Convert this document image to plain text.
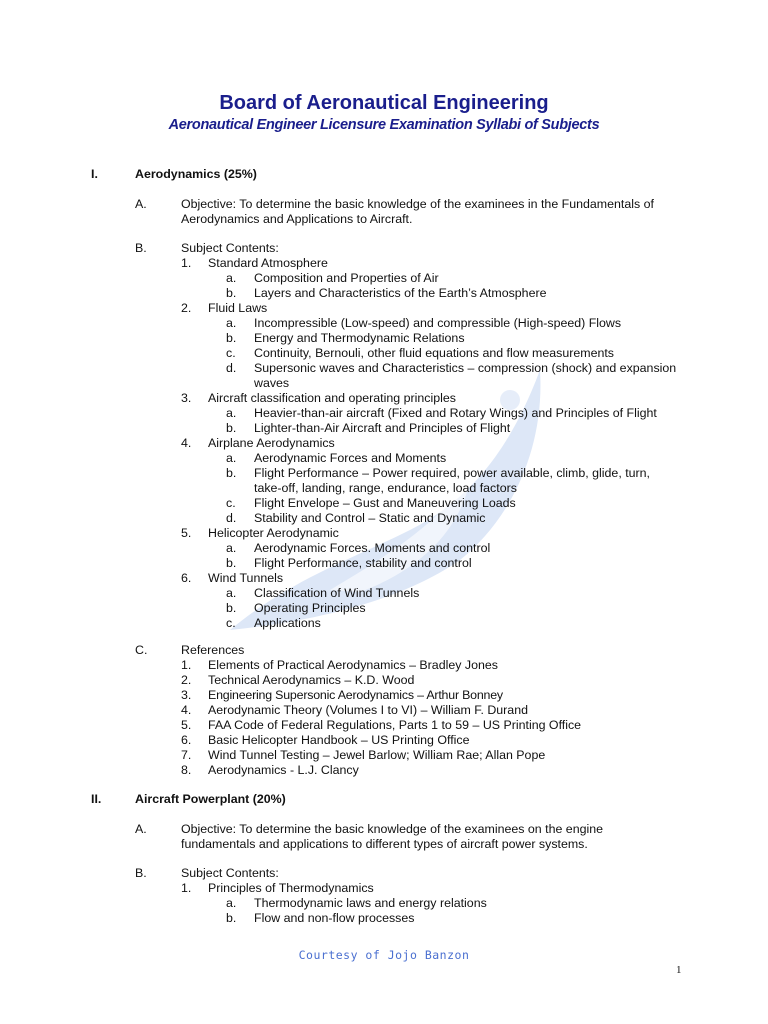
Board of Aeronautical Engineering
Aeronautical Engineer Licensure Examination Syllabi of Subjects
I.	Aerodynamics (25%)
A.	Objective: To determine the basic knowledge of the examinees in the Fundamentals of
Aerodynamics and Applications to Aircraft.
B.	Subject Contents:
1. Standard Atmosphere
a. Composition and Properties of Air
b. Layers and Characteristics of the Earth’s Atmosphere
2. Fluid Laws
a. Incompressible (Low-speed) and compressible (High-speed) Flows
b. Energy and Thermodynamic Relations
c. Continuity, Bernouli, other fluid equations and flow measurements
d. Supersonic waves and Characteristics – compression (shock) and expansion
waves
3. Aircraft classification and operating principles
a. Heavier-than-air aircraft (Fixed and Rotary Wings) and Principles of Flight
b. Lighter-than-Air Aircraft and Principles of Flight
4. Airplane Aerodynamics
a. Aerodynamic Forces and Moments
b. Flight Performance – Power required, power available, climb, glide, turn,
take-off, landing, range, endurance, load factors
c. Flight Envelope – Gust and Maneuvering Loads
d. Stability and Control – Static and Dynamic
5. Helicopter Aerodynamic
a. Aerodynamic Forces. Moments and control
b. Flight Performance, stability and control
6. Wind Tunnels
a. Classification of Wind Tunnels
b. Operating Principles
c. Applications
C.	References
1. Elements of Practical Aerodynamics – Bradley Jones
2. Technical Aerodynamics – K.D. Wood
3. Engineering Supersonic Aerodynamics – Arthur Bonney
4. Aerodynamic Theory (Volumes I to VI) – William F. Durand
5. FAA Code of Federal Regulations, Parts 1 to 59 – US Printing Office
6. Basic Helicopter Handbook – US Printing Office
7. Wind Tunnel Testing – Jewel Barlow; William Rae; Allan Pope
8. Aerodynamics - L.J. Clancy
II.	Aircraft Powerplant (20%)
A.	Objective: To determine the basic knowledge of the examinees on the engine
fundamentals and applications to different types of aircraft power systems.
B.	Subject Contents:
1. Principles of Thermodynamics
a. Thermodynamic laws and energy relations
b. Flow and non-flow processes
Courtesy of Jojo Banzon
1
